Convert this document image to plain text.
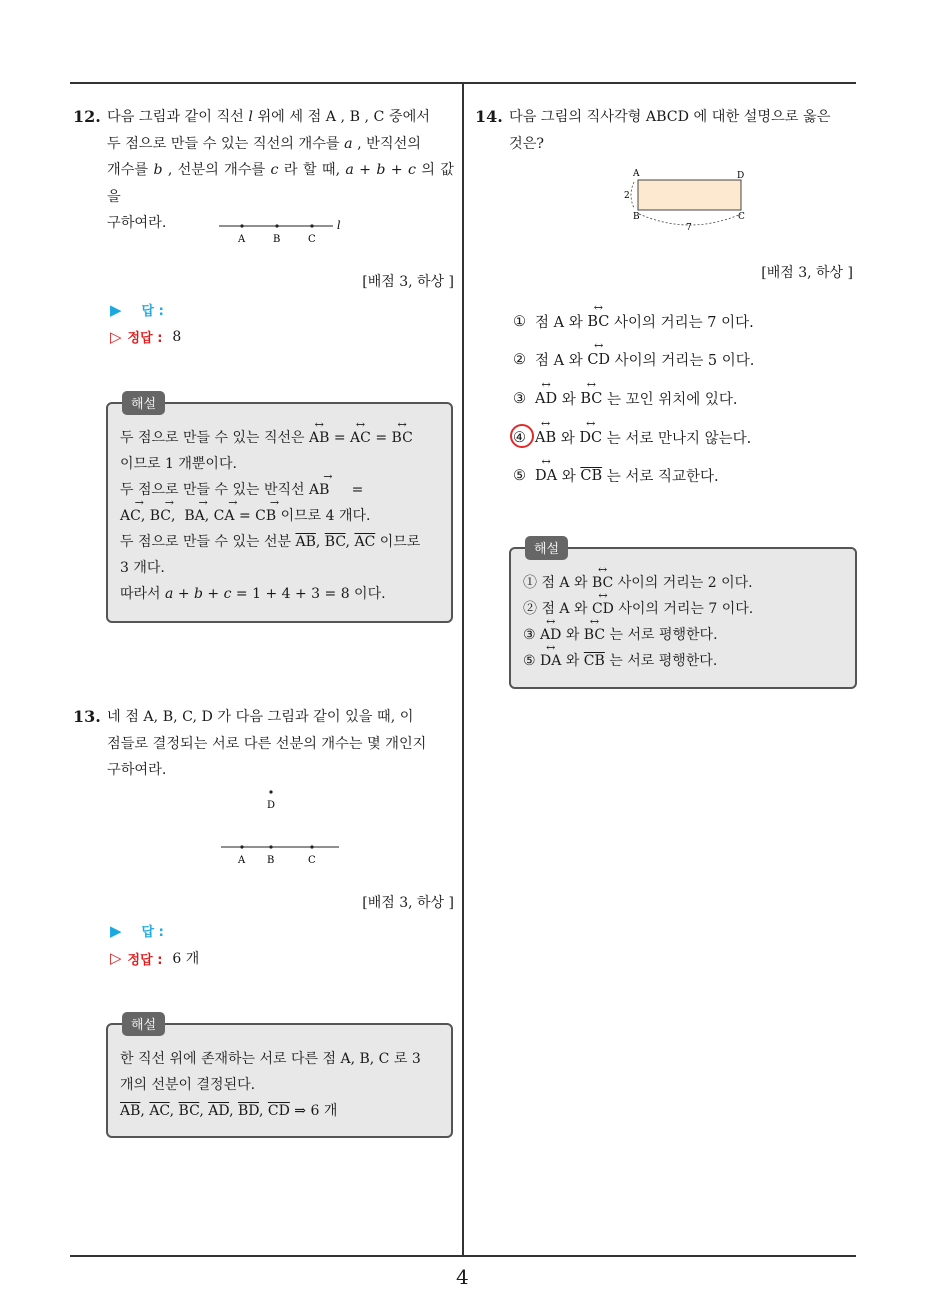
4
12. 다음 그림과 같이 직선 l 위에 세 점 A , B , C 중에서
두 점으로 만들 수 있는 직선의 개수를 a , 반직선의
개수를 b , 선분의 개수를 c 라 할 때, a + b + c 의 값을
구하여라.
A	B	C
l
[배점 3, 하상 ]
▶ 답 :
▷ 정답 : 8
해설
두 점으로 만들 수 있는 직선은 AB ↔ = AC ↔ = BC ↔
이므로 1 개뿐이다.
두 점으로 만들 수 있는 반직선 AB → =
AC →, BC →,  BA →, CA → = CB → 이므로 4 개다.
두 점으로 만들 수 있는 선분 $\overline{AB}$, $\overline{BC}$, $\overline{AC}$ 이므로
3 개다.
따라서 a + b + c = 1 + 4 + 3 = 8 이다.
13. 네 점 A, B, C, D 가 다음 그림과 같이 있을 때, 이
점들로 결정되는 서로 다른 선분의 개수는 몇 개인지
구하여라.
D
A B	C
[배점 3, 하상 ]
▶ 답 :
▷ 정답 : 6 개
해설
한 직선 위에 존재하는 서로 다른 점 A, B, C 로 3
개의 선분이 결정된다.
$\overline{AB}$, $\overline{AC}$, $\overline{BC}$, $\overline{AD}$, $\overline{BD}$, $\overline{CD}$ ⇒ 6 개
14. 다음 그림의 직사각형 ABCD 에 대한 설명으로 옳은
것은?
A	D
B	C
2
7
[배점 3, 하상 ]
① 점 A 와
BC ↔
사이의 거리는 7 이다.
② 점 A 와
CD ↔
사이의 거리는 5 이다.
③ AD ↔
와
BC ↔
는 꼬인 위치에 있다.
④ AB ↔
와
DC ↔
는 서로 만나지 않는다.
⑤ DA ↔
와
$\overline{CB}$
는 서로 직교한다.
해설
① 점 A 와 BC ↔ 사이의 거리는 2 이다.
② 점 A 와 CD ↔ 사이의 거리는 7 이다.
③ AD ↔ 와 BC ↔ 는 서로 평행한다.
⑤ DA ↔ 와 $\overline{CB}$ 는 서로 평행한다.
